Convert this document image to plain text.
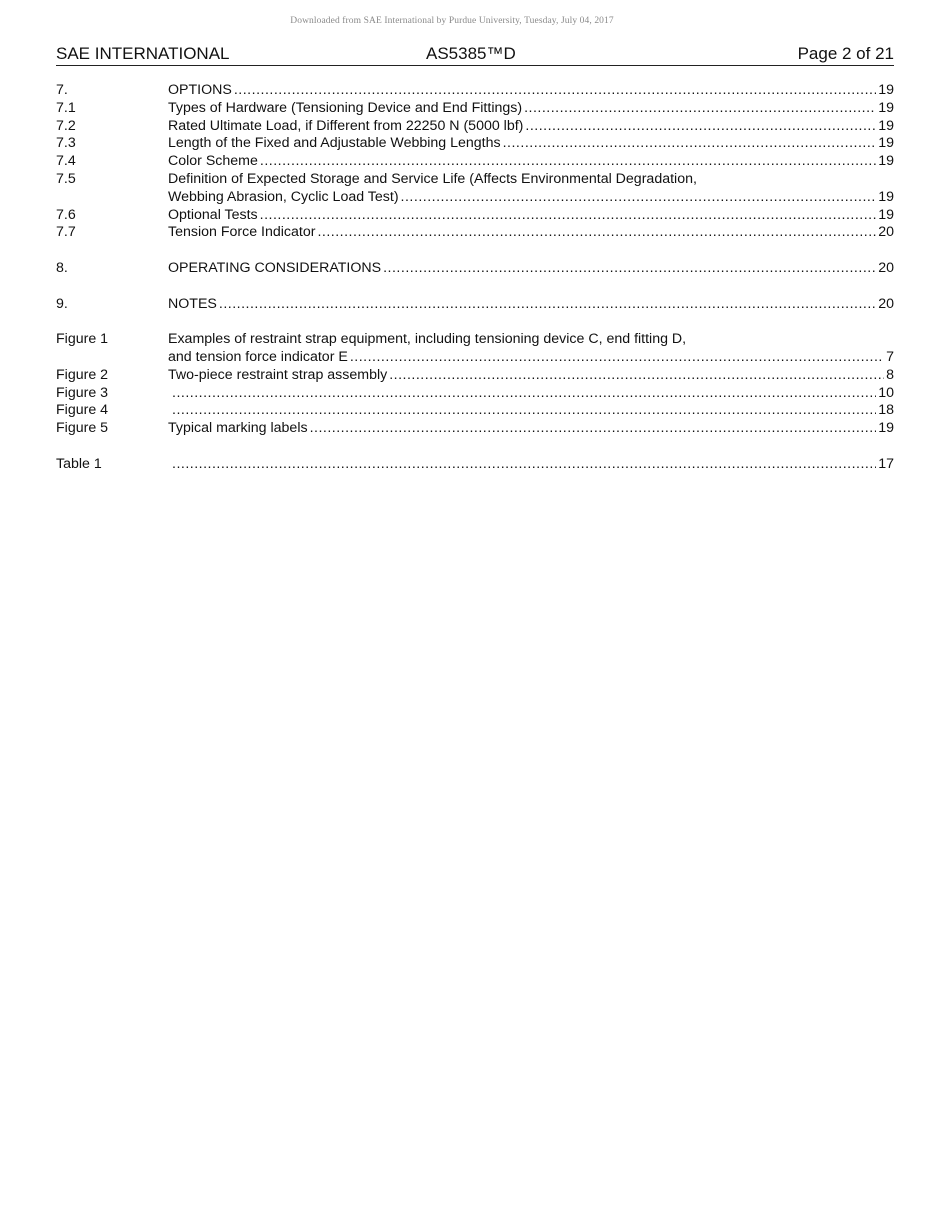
Downloaded from SAE International by Purdue University, Tuesday, July 04, 2017
SAE INTERNATIONAL	AS5385™D	Page 2 of 21
7.	OPTIONS .....	19
7.1	Types of Hardware (Tensioning Device and End Fittings) .....	19
7.2	Rated Ultimate Load, if Different from 22250 N (5000 lbf) .....	19
7.3	Length of the Fixed and Adjustable Webbing Lengths .....	19
7.4	Color Scheme .....	19
7.5	Definition of Expected Storage and Service Life (Affects Environmental Degradation,
Webbing Abrasion, Cyclic Load Test) .....	19
7.6	Optional Tests .....	19
7.7	Tension Force Indicator .....	20
8.	OPERATING CONSIDERATIONS .....	20
9.	NOTES .....	20
Figure 1	Examples of restraint strap equipment, including tensioning device C, end fitting D,
and tension force indicator E .....	7
Figure 2	Two-piece restraint strap assembly .....	8
Figure 3 .....	10
Figure 4 .....	18
Figure 5	Typical marking labels .....	19
Table 1 .....	17
